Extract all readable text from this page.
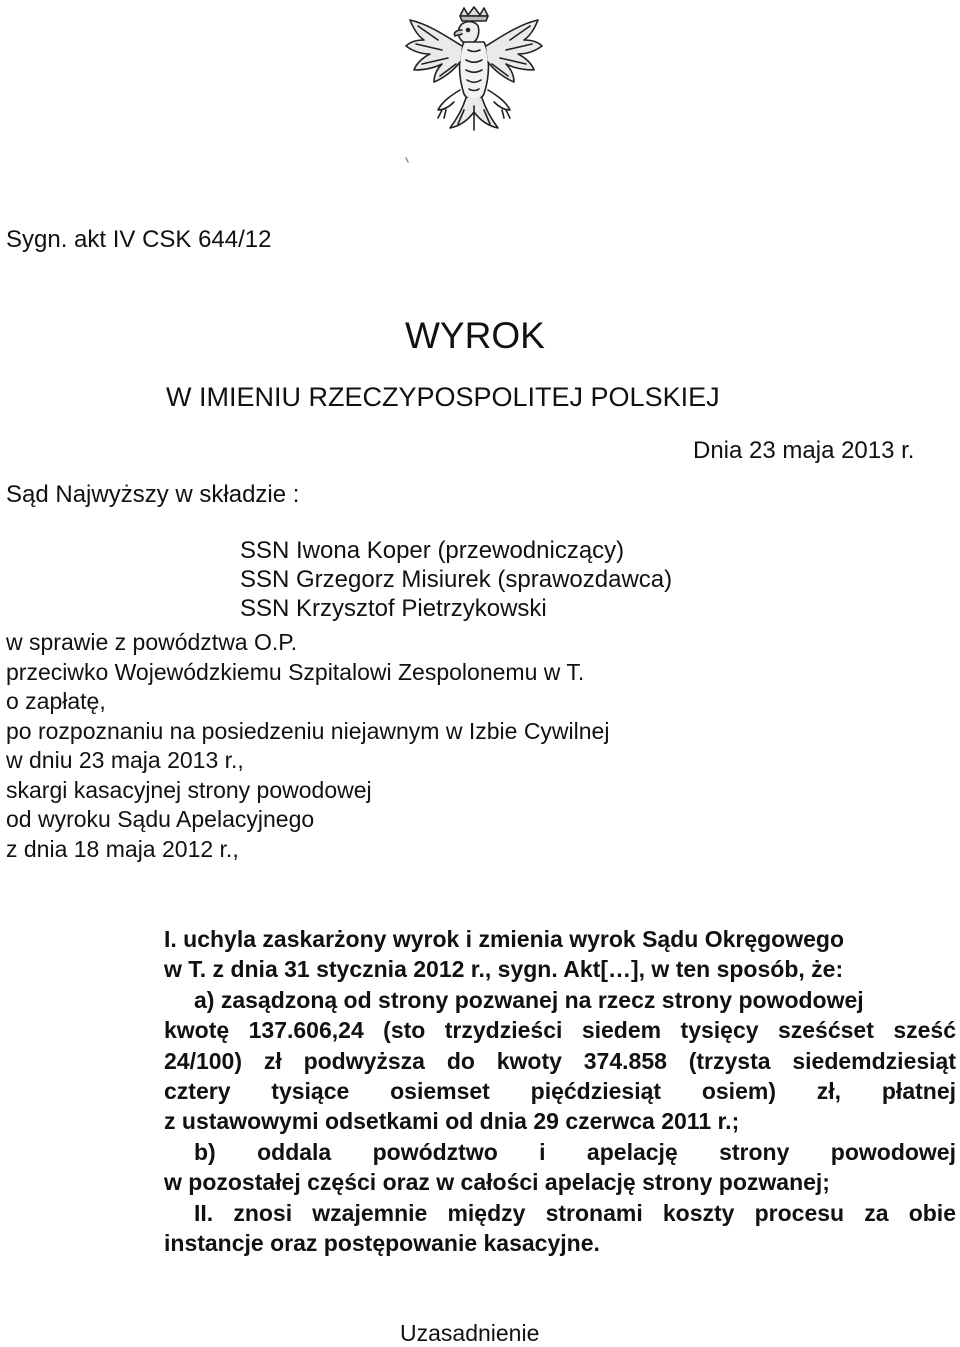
Sygn. akt IV CSK 644/12
WYROK
W IMIENIU RZECZYPOSPOLITEJ POLSKIEJ
Dnia 23 maja 2013 r.
Sąd Najwyższy w składzie :
SSN Iwona Koper (przewodniczący)
SSN Grzegorz Misiurek (sprawozdawca)
SSN Krzysztof Pietrzykowski
w sprawie z powództwa O.P.
przeciwko Wojewódzkiemu Szpitalowi Zespolonemu w T.
o zapłatę,
po rozpoznaniu na posiedzeniu niejawnym w Izbie Cywilnej
w dniu 23 maja 2013 r.,
skargi kasacyjnej strony powodowej
od wyroku Sądu Apelacyjnego
z dnia 18 maja 2012 r.,
I. uchyla zaskarżony wyrok i zmienia wyrok Sądu Okręgowego
w T. z dnia 31 stycznia 2012 r., sygn. Akt[…], w ten sposób, że:
a) zasądzoną od strony pozwanej na rzecz strony powodowej
kwotę 137.606,24 (sto trzydzieści siedem tysięcy sześćset sześć
24/100) zł podwyższa do kwoty 374.858 (trzysta siedemdziesiąt
cztery tysiące osiemset pięćdziesiąt osiem) zł, płatnej
z ustawowymi odsetkami od dnia 29 czerwca 2011 r.;
b) oddala powództwo i apelację strony powodowej
w pozostałej części oraz w całości apelację strony pozwanej;
II. znosi wzajemnie między stronami koszty procesu za obie
instancje oraz postępowanie kasacyjne.
Uzasadnienie
